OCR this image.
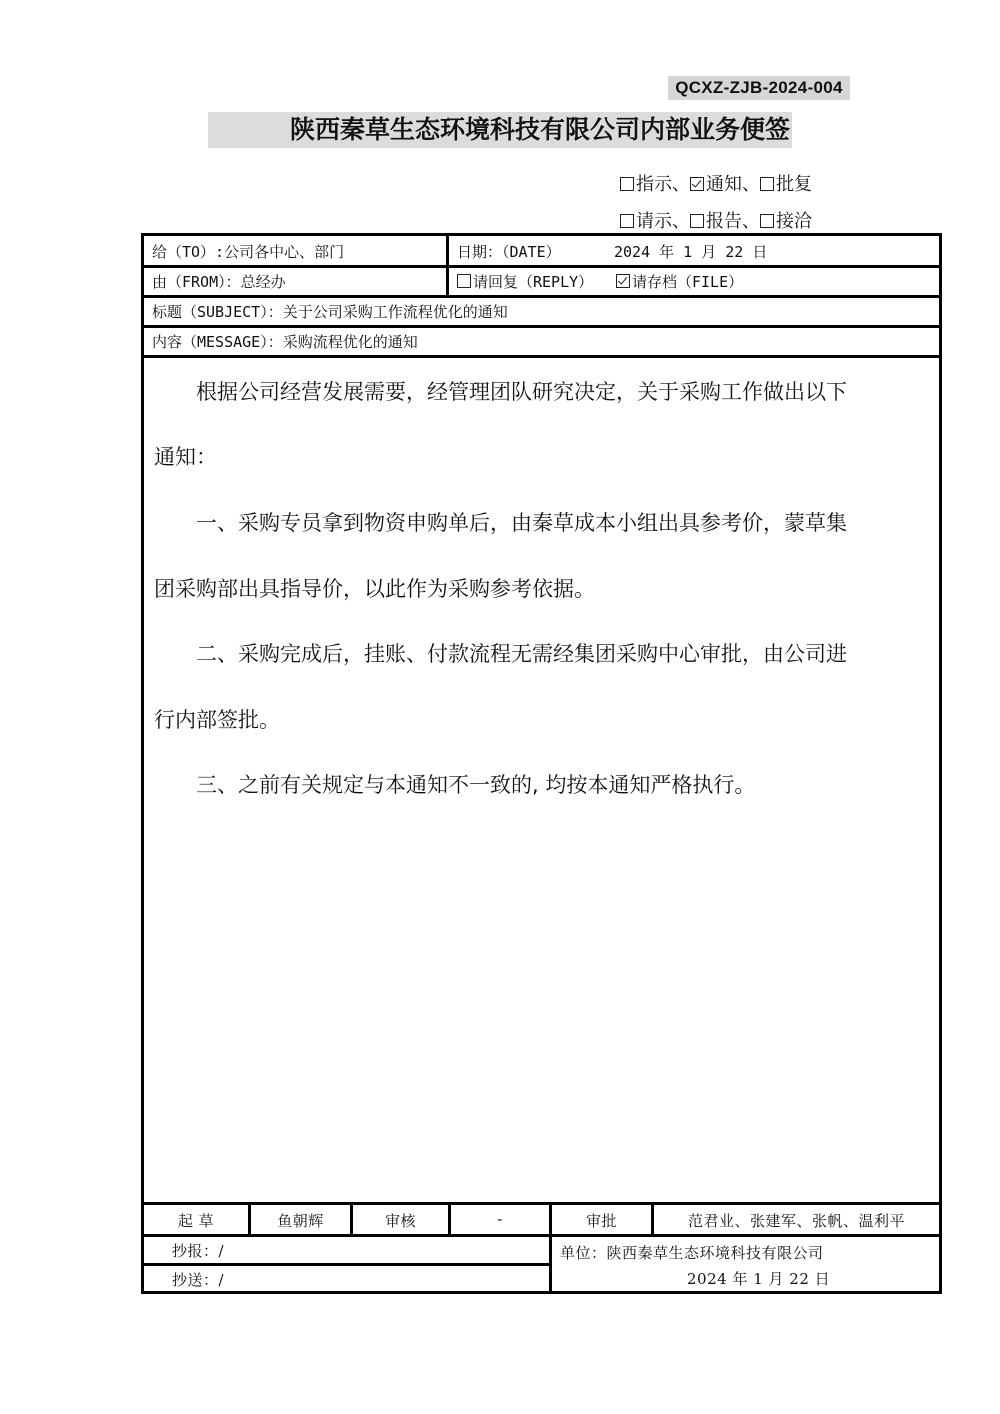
QCXZ-ZJB-2024-004
陕西秦草生态环境科技有限公司内部业务便签
指示、 通知、 批复
请示、 报告、 接洽
给（TO）:公司各中心、部门	日期：（DATE）	2024 年 1 月 22 日
由（FROM）：总经办	请回复（REPLY）	请存档（FILE）
标题（SUBJECT）：关于公司采购工作流程优化的通知
内容（MESSAGE）：采购流程优化的通知
　　根据公司经营发展需要，经管理团队研究决定，关于采购工作做出以下
通知：
　　一、采购专员拿到物资申购单后，由秦草成本小组出具参考价，蒙草集
团采购部出具指导价，以此作为采购参考依据。
　　二、采购完成后，挂账、付款流程无需经集团采购中心审批，由公司进
行内部签批。
　　三、之前有关规定与本通知不一致的, 均按本通知严格执行。
起 草	鱼朝辉	审核	-	审批	范君业、张建军、张帆、温利平
抄报：/
抄送：/
单位：陕西秦草生态环境科技有限公司
2024 年 1 月 22 日
